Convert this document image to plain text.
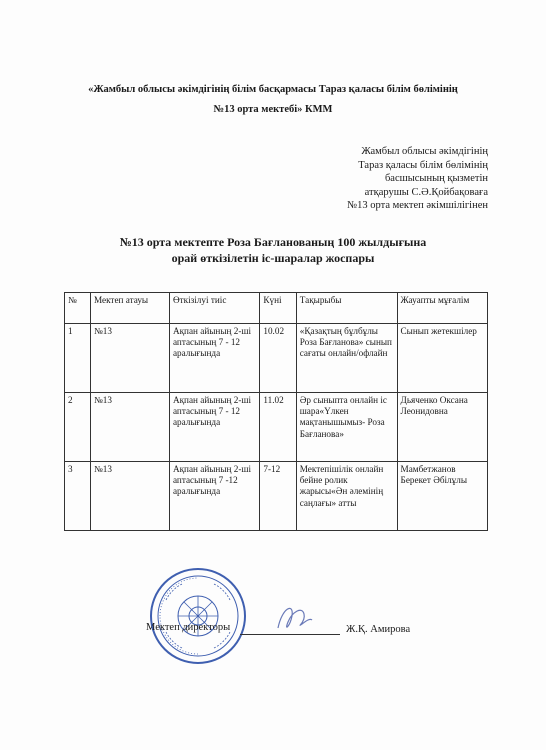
«Жамбыл облысы әкімдігінің білім басқармасы Тараз қаласы білім бөлімінің
№13 орта мектебі» КММ
Жамбыл облысы әкімдігінің
Тараз қаласы білім бөлімінің
басшысының қызметін
атқарушы С.Ә.Қойбақоваға
№13 орта мектеп әкімшілігінен
№13 орта мектепте Роза Бағланованың 100 жылдығына
орай өткізілетін іс-шаралар жоспары
№	Мектеп атауы	Өткізілуі тиіс	Күні	Тақырыбы	Жауапты мұғалім
1	№13	Ақпан айының 2-ші аптасының 7 - 12 аралығында	10.02	«Қазақтың бұлбұлы Роза Бағланова» сынып сағаты онлайн/офлайн	Сынып жетекшілер
2	№13	Ақпан айының 2-ші аптасының 7 - 12 аралығында	11.02	Әр сыныпта онлайн іс шара«Үлкен мақтанышымыз- Роза Бағланова»	Дьяченко Оксана Леонидовна
3	№13	Ақпан айының 2-ші аптасының 7 -12 аралығында	7-12	Мектепішілік онлайн бейне ролик жарысы«Ән әлемінің саңлағы» атты	Мамбетжанов Берекет Әбілұлы
Мектеп директоры	Ж.Қ. Амирова
